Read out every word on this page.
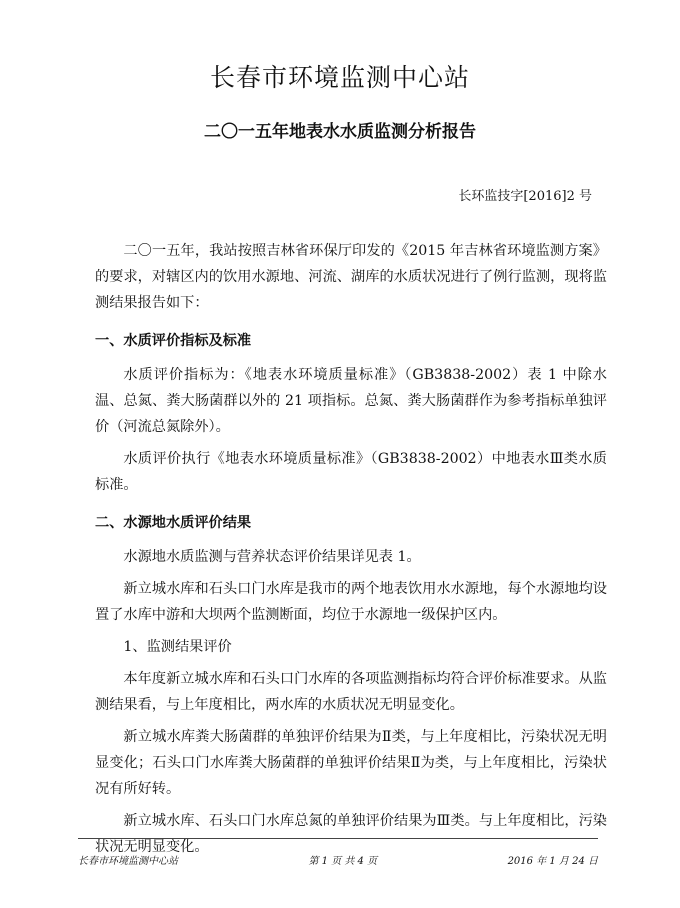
长春市环境监测中心站
二〇一五年地表水水质监测分析报告
长环监技字[2016]2 号

二〇一五年，我站按照吉林省环保厅印发的《2015 年吉林省环境监测方案》的要求，对辖区内的饮用水源地、河流、湖库的水质状况进行了例行监测，现将监测结果报告如下：

一、水质评价指标及标准

水质评价指标为：《地表水环境质量标准》（GB3838-2002）表 1 中除水温、总氮、粪大肠菌群以外的 21 项指标。总氮、粪大肠菌群作为参考指标单独评价（河流总氮除外）。

水质评价执行《地表水环境质量标准》（GB3838-2002）中地表水Ⅲ类水质标准。

二、水源地水质评价结果

水源地水质监测与营养状态评价结果详见表 1。

新立城水库和石头口门水库是我市的两个地表饮用水水源地，每个水源地均设置了水库中游和大坝两个监测断面，均位于水源地一级保护区内。

1、监测结果评价

本年度新立城水库和石头口门水库的各项监测指标均符合评价标准要求。从监测结果看，与上年度相比，两水库的水质状况无明显变化。

新立城水库粪大肠菌群的单独评价结果为Ⅱ类，与上年度相比，污染状况无明显变化；石头口门水库粪大肠菌群的单独评价结果Ⅱ为类，与上年度相比，污染状况有所好转。

新立城水库、石头口门水库总氮的单独评价结果为Ⅲ类。与上年度相比，污染状况无明显变化。

长春市环境监测中心站	第 1 页 共 4 页	2016 年 1 月 24 日
